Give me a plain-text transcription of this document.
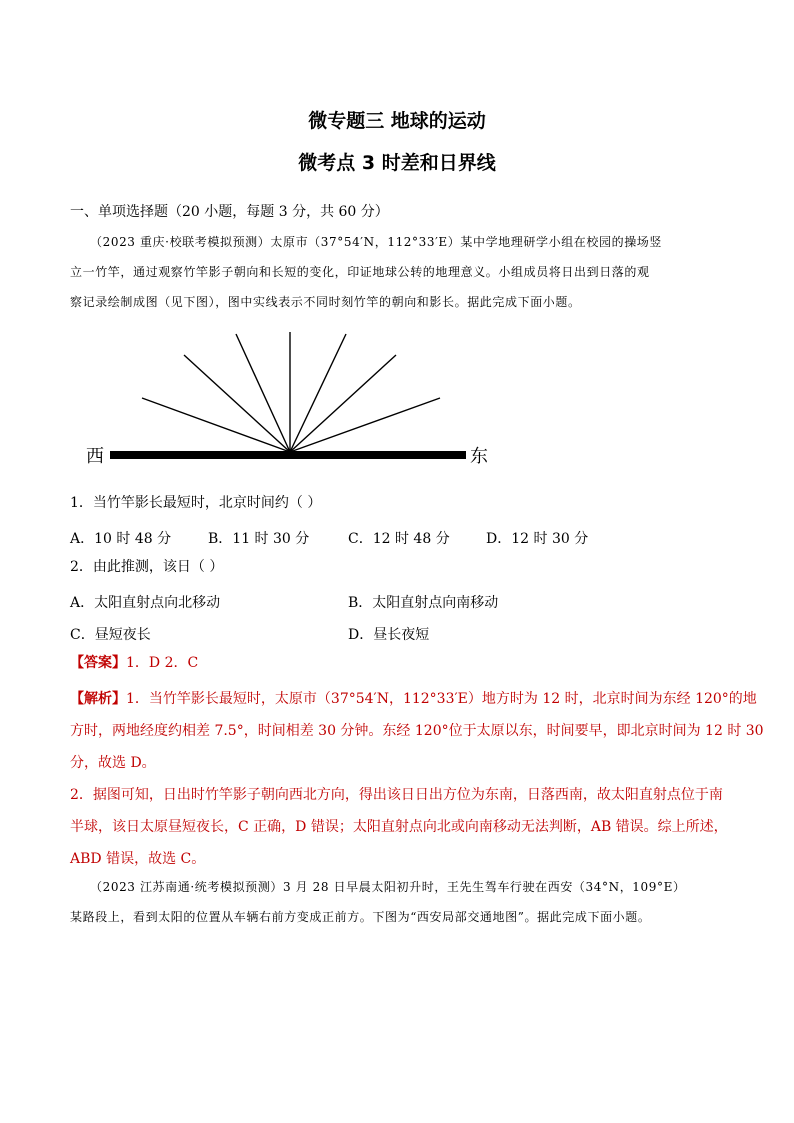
微专题三 地球的运动
微考点 3 时差和日界线
一、单项选择题（20 小题，每题 3 分，共 60 分）
（2023 重庆·校联考模拟预测）太原市（37°54′N，112°33′E）某中学地理研学小组在校园的操场竖
立一竹竿，通过观察竹竿影子朝向和长短的变化，印证地球公转的地理意义。小组成员将日出到日落的观
察记录绘制成图（见下图），图中实线表示不同时刻竹竿的朝向和影长。据此完成下面小题。
西	东
1．当竹竿影长最短时，北京时间约（ ）
A．10 时 48 分	B．11 时 30 分	C．12 时 48 分	D．12 时 30 分
2．由此推测，该日（ ）
A．太阳直射点向北移动	B．太阳直射点向南移动
C．昼短夜长	D．昼长夜短
【答案】1．D 2．C
【解析】1．当竹竿影长最短时，太原市（37°54′N，112°33′E）地方时为 12 时，北京时间为东经 120°的地
方时，两地经度约相差 7.5°，时间相差 30 分钟。东经 120°位于太原以东，时间要早，即北京时间为 12 时 30
分，故选 D。
2．据图可知，日出时竹竿影子朝向西北方向，得出该日日出方位为东南，日落西南，故太阳直射点位于南
半球，该日太原昼短夜长，C 正确，D 错误；太阳直射点向北或向南移动无法判断，AB 错误。综上所述，
ABD 错误，故选 C。
（2023 江苏南通·统考模拟预测）3 月 28 日早晨太阳初升时，王先生驾车行驶在西安（34°N，109°E）
某路段上，看到太阳的位置从车辆右前方变成正前方。下图为“西安局部交通地图”。据此完成下面小题。
